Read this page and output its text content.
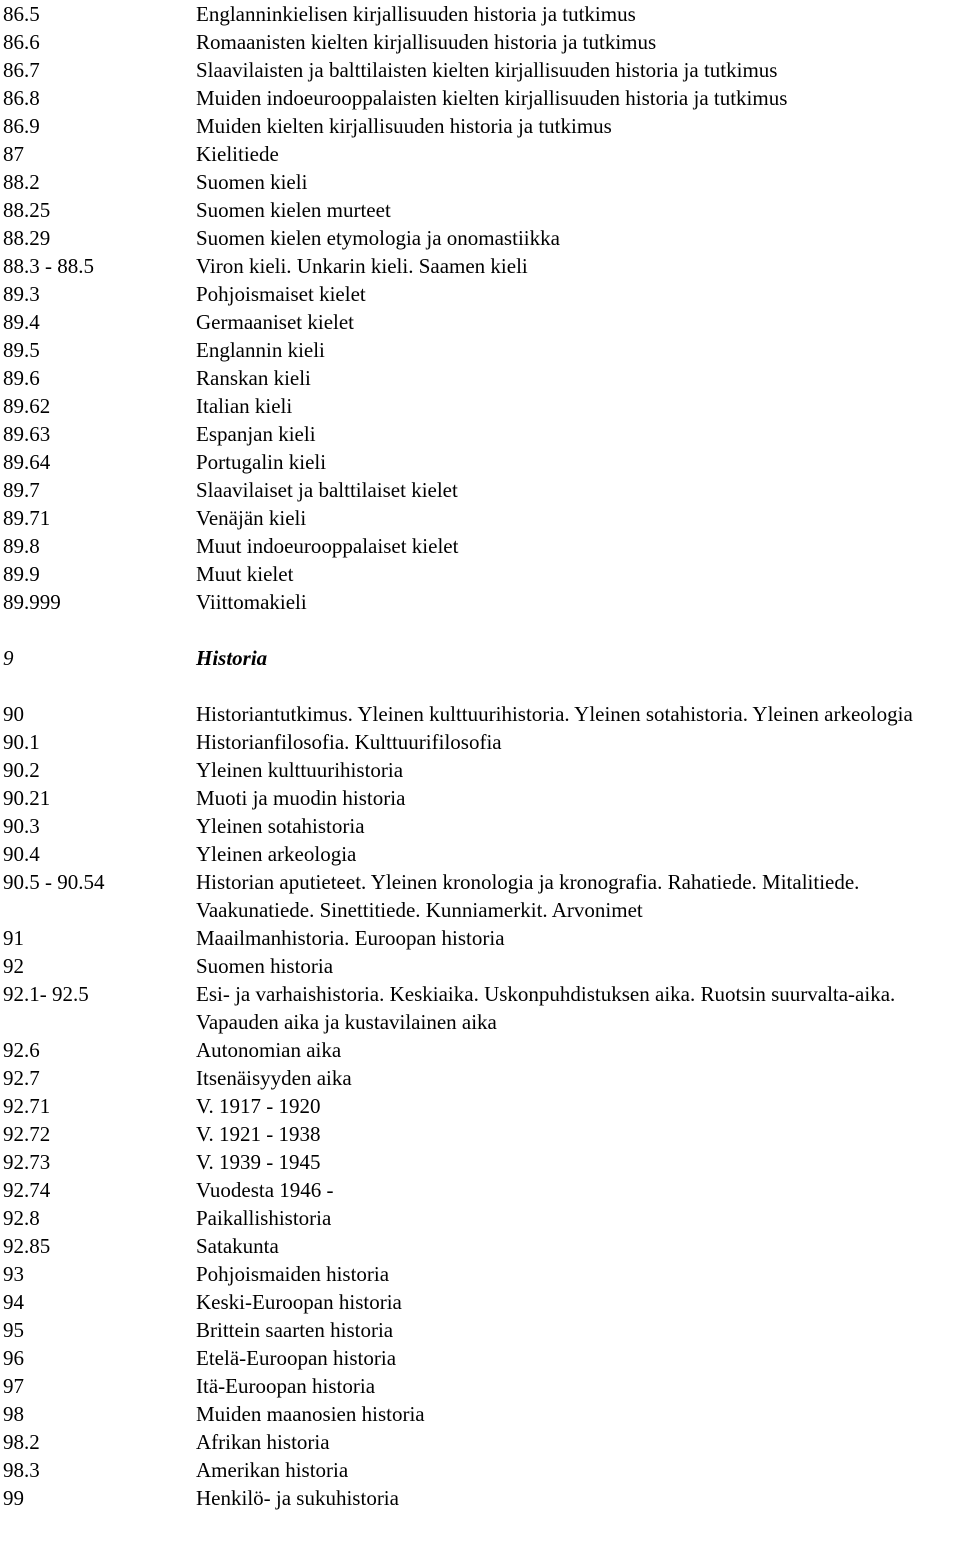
86.5	Englanninkielisen kirjallisuuden historia ja tutkimus
86.6	Romaanisten kielten kirjallisuuden historia ja tutkimus
86.7	Slaavilaisten ja balttilaisten kielten kirjallisuuden historia ja tutkimus
86.8	Muiden indoeurooppalaisten kielten kirjallisuuden historia ja tutkimus
86.9	Muiden kielten kirjallisuuden historia ja tutkimus
87	Kielitiede
88.2	Suomen kieli
88.25	Suomen kielen murteet
88.29	Suomen kielen etymologia ja onomastiikka
88.3 - 88.5	Viron kieli. Unkarin kieli. Saamen kieli
89.3	Pohjoismaiset kielet
89.4	Germaaniset kielet
89.5	Englannin kieli
89.6	Ranskan kieli
89.62	Italian kieli
89.63	Espanjan kieli
89.64	Portugalin kieli
89.7	Slaavilaiset ja balttilaiset kielet
89.71	Venäjän kieli
89.8	Muut indoeurooppalaiset kielet
89.9	Muut kielet
89.999	Viittomakieli
9	Historia
90	Historiantutkimus. Yleinen kulttuurihistoria. Yleinen sotahistoria. Yleinen arkeologia
90.1	Historianfilosofia. Kulttuurifilosofia
90.2	Yleinen kulttuurihistoria
90.21	Muoti ja muodin historia
90.3	Yleinen sotahistoria
90.4	Yleinen arkeologia
90.5 - 90.54	Historian aputieteet. Yleinen kronologia ja kronografia. Rahatiede. Mitalitiede. Vaakunatiede. Sinettitiede. Kunniamerkit. Arvonimet
91	Maailmanhistoria. Euroopan historia
92	Suomen historia
92.1- 92.5	Esi- ja varhaishistoria. Keskiaika. Uskonpuhdistuksen aika. Ruotsin suurvalta-aika. Vapauden aika ja kustavilainen aika
92.6	Autonomian aika
92.7	Itsenäisyyden aika
92.71	V. 1917 - 1920
92.72	V. 1921 - 1938
92.73	V. 1939 - 1945
92.74	Vuodesta 1946 -
92.8	Paikallishistoria
92.85	Satakunta
93	Pohjoismaiden historia
94	Keski-Euroopan historia
95	Brittein saarten historia
96	Etelä-Euroopan historia
97	Itä-Euroopan historia
98	Muiden maanosien historia
98.2	Afrikan historia
98.3	Amerikan historia
99	Henkilö- ja sukuhistoria
